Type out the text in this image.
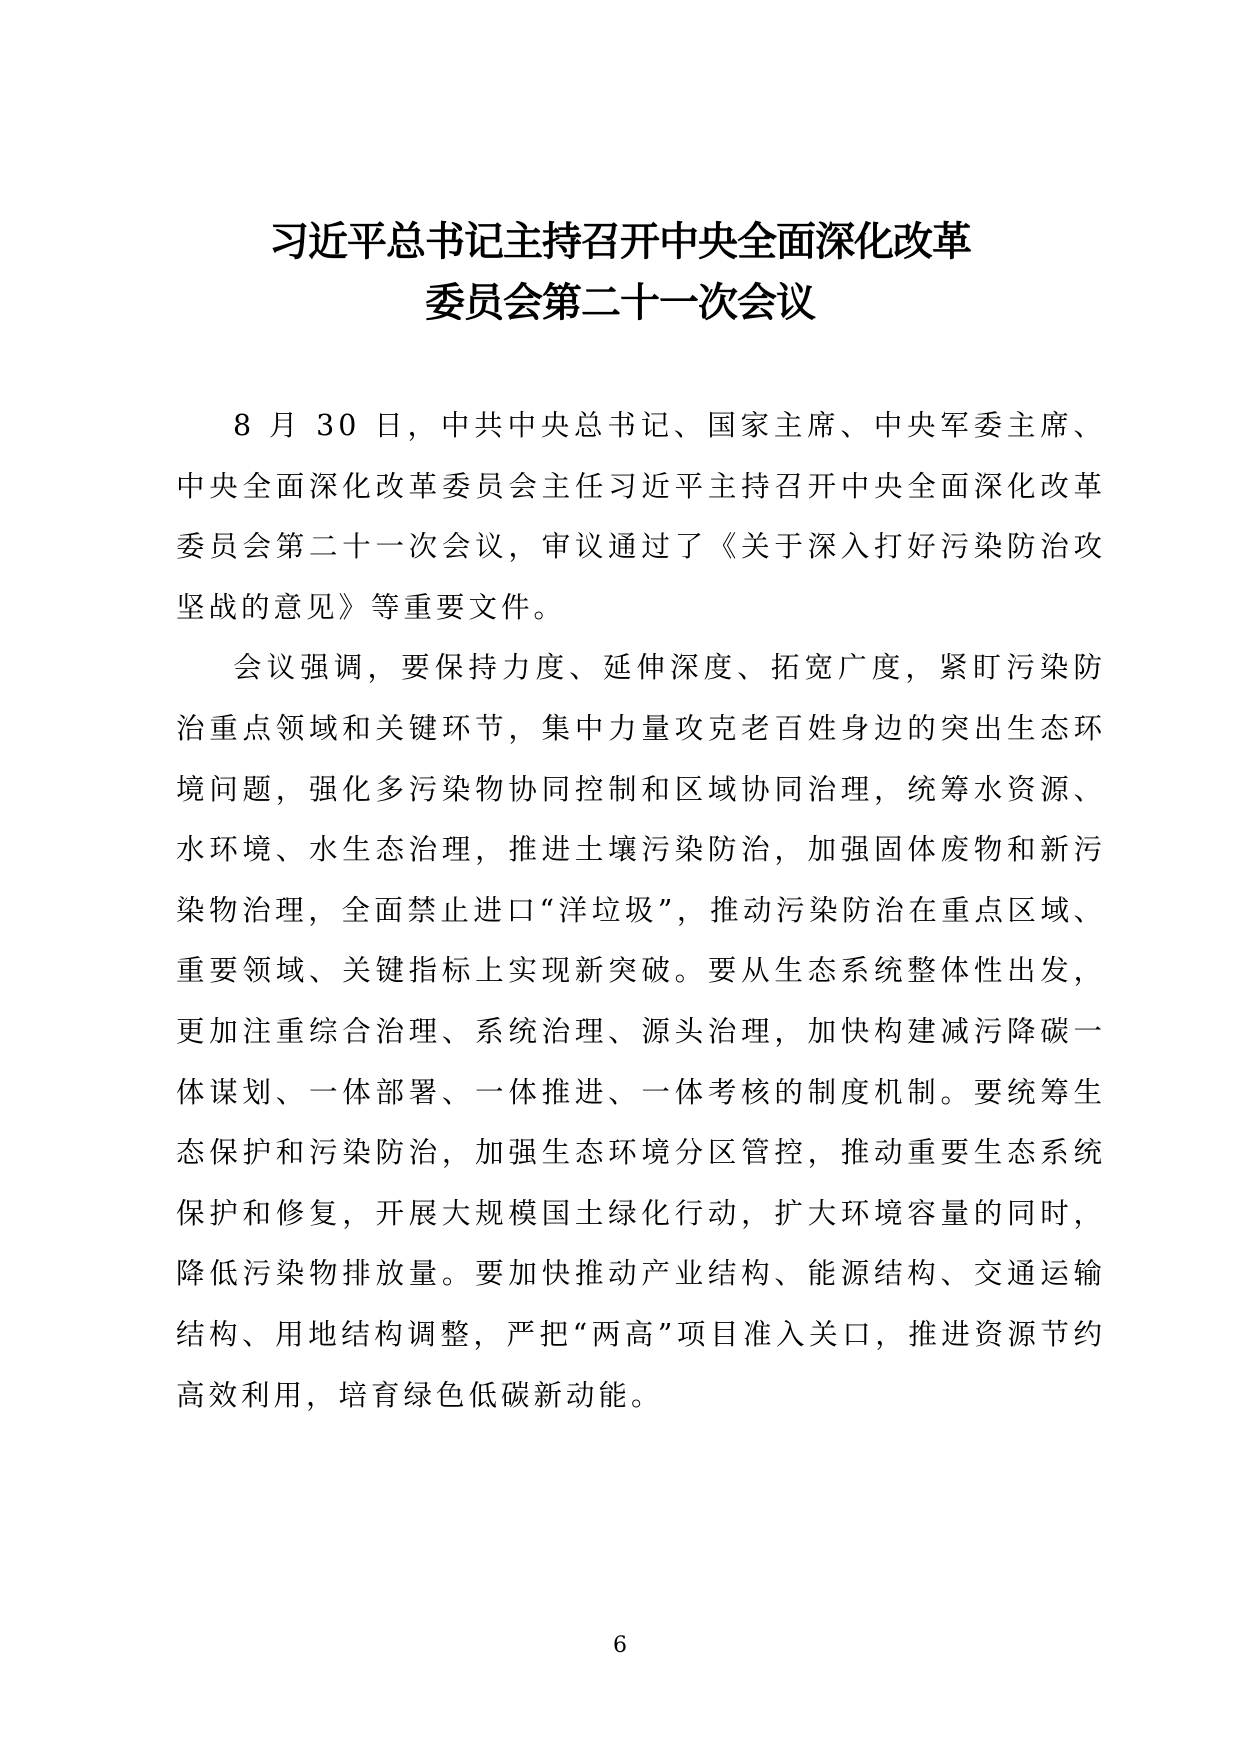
习近平总书记主持召开中央全面深化改革
委员会第二十一次会议

8 月 30 日，中共中央总书记、国家主席、中央军委主席、中央全面深化改革委员会主任习近平主持召开中央全面深化改革委员会第二十一次会议，审议通过了《关于深入打好污染防治攻坚战的意见》等重要文件。

会议强调，要保持力度、延伸深度、拓宽广度，紧盯污染防治重点领域和关键环节，集中力量攻克老百姓身边的突出生态环境问题，强化多污染物协同控制和区域协同治理，统筹水资源、水环境、水生态治理，推进土壤污染防治，加强固体废物和新污染物治理，全面禁止进口“洋垃圾”，推动污染防治在重点区域、重要领域、关键指标上实现新突破。要从生态系统整体性出发，更加注重综合治理、系统治理、源头治理，加快构建减污降碳一体谋划、一体部署、一体推进、一体考核的制度机制。要统筹生态保护和污染防治，加强生态环境分区管控，推动重要生态系统保护和修复，开展大规模国土绿化行动，扩大环境容量的同时，降低污染物排放量。要加快推动产业结构、能源结构、交通运输结构、用地结构调整，严把“两高”项目准入关口，推进资源节约高效利用，培育绿色低碳新动能。

6
